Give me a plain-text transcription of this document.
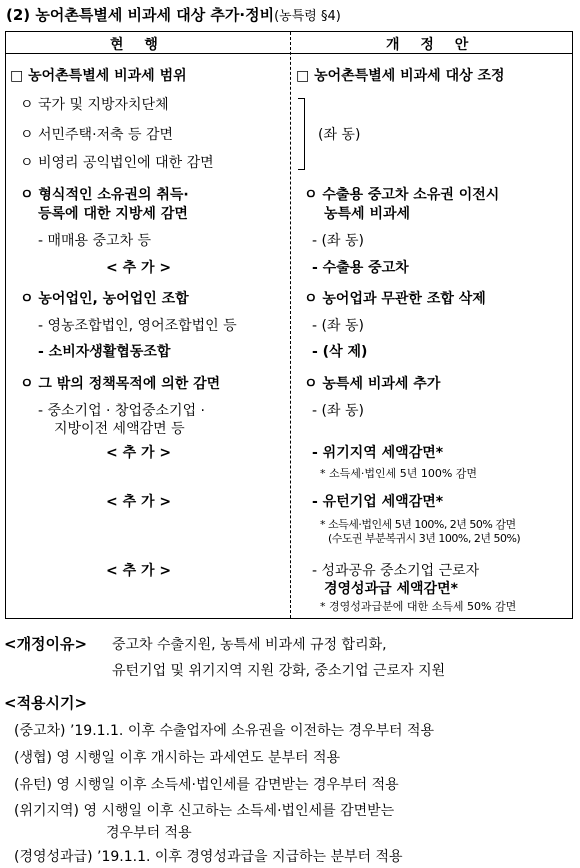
(2) 농어촌특별세 비과세 대상 추가·정비(농특령 §4)
현 행	개 정 안
□ 농어촌특별세 비과세 범위
ㅇ 국가 및 지방자치단체
ㅇ 서민주택·저축 등 감면
ㅇ 비영리 공익법인에 대한 감면
ㅇ 형식적인 소유권의 취득·
등록에 대한 지방세 감면
- 매매용 중고차 등
< 추 가 >
ㅇ 농어업인, 농어업인 조합
- 영농조합법인, 영어조합법인 등
- 소비자생활협동조합
ㅇ 그 밖의 정책목적에 의한 감면
- 중소기업 · 창업중소기업 ·
지방이전 세액감면 등
< 추 가 >
< 추 가 >
< 추 가 >
□ 농어촌특별세 비과세 대상 조정
(좌 동)
ㅇ 수출용 중고차 소유권 이전시
농특세 비과세
- (좌 동)
- 수출용 중고차
ㅇ 농어업과 무관한 조합 삭제
- (좌 동)
- (삭 제)
ㅇ 농특세 비과세 추가
- (좌 동)
- 위기지역 세액감면*
* 소득세·법인세 5년 100% 감면
- 유턴기업 세액감면*
* 소득세·법인세 5년 100%, 2년 50% 감면
(수도권 부분복귀시 3년 100%, 2년 50%)
- 성과공유 중소기업 근로자
경영성과급 세액감면*
* 경영성과급분에 대한 소득세 50% 감면
<개정이유> 중고차 수출지원, 농특세 비과세 규정 합리화,
유턴기업 및 위기지역 지원 강화, 중소기업 근로자 지원
<적용시기>
(중고차) ’19.1.1. 이후 수출업자에 소유권을 이전하는 경우부터 적용
(생협) 영 시행일 이후 개시하는 과세연도 분부터 적용
(유턴) 영 시행일 이후 소득세·법인세를 감면받는 경우부터 적용
(위기지역) 영 시행일 이후 신고하는 소득세·법인세를 감면받는
경우부터 적용
(경영성과급) ’19.1.1. 이후 경영성과급을 지급하는 분부터 적용
